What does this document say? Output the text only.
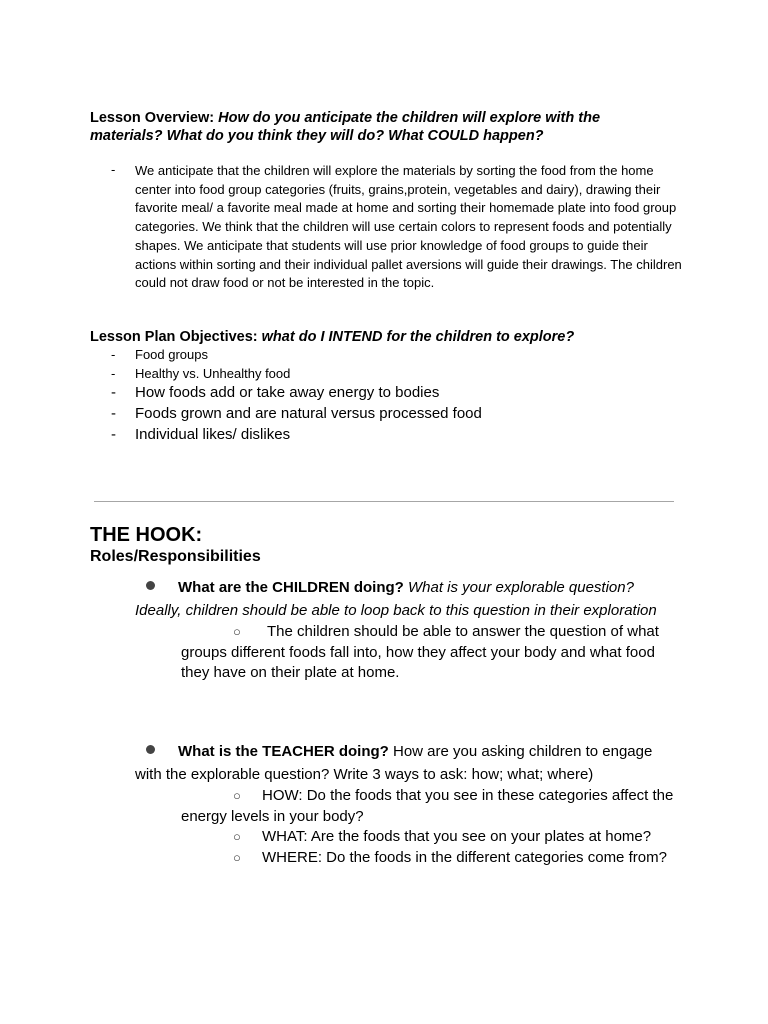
Lesson Overview: How do you anticipate the children will explore with the
materials? What do you think they will do? What COULD happen?
- We anticipate that the children will explore the materials by sorting the food from the home center into food group categories (fruits, grains,protein, vegetables and dairy), drawing their favorite meal/ a favorite meal made at home and sorting their homemade plate into food group categories. We think that the children will use certain colors to represent foods and potentially shapes. We anticipate that students will use prior knowledge of food groups to guide their actions within sorting and their individual pallet aversions will guide their drawings. The children could not draw food or not be interested in the topic.
Lesson Plan Objectives: what do I INTEND for the children to explore?
- Food groups
- Healthy vs. Unhealthy food
- How foods add or take away energy to bodies
- Foods grown and are natural versus processed food
- Individual likes/ dislikes
THE HOOK:
Roles/Responsibilities
What are the CHILDREN doing? What is your explorable question?
Ideally, children should be able to loop back to this question in their exploration
○ The children should be able to answer the question of what
groups different foods fall into, how they affect your body and what food
they have on their plate at home.
What is the TEACHER doing? How are you asking children to engage
with the explorable question? Write 3 ways to ask: how; what; where)
○ HOW: Do the foods that you see in these categories affect the
energy levels in your body?
○ WHAT: Are the foods that you see on your plates at home?
○ WHERE: Do the foods in the different categories come from?
